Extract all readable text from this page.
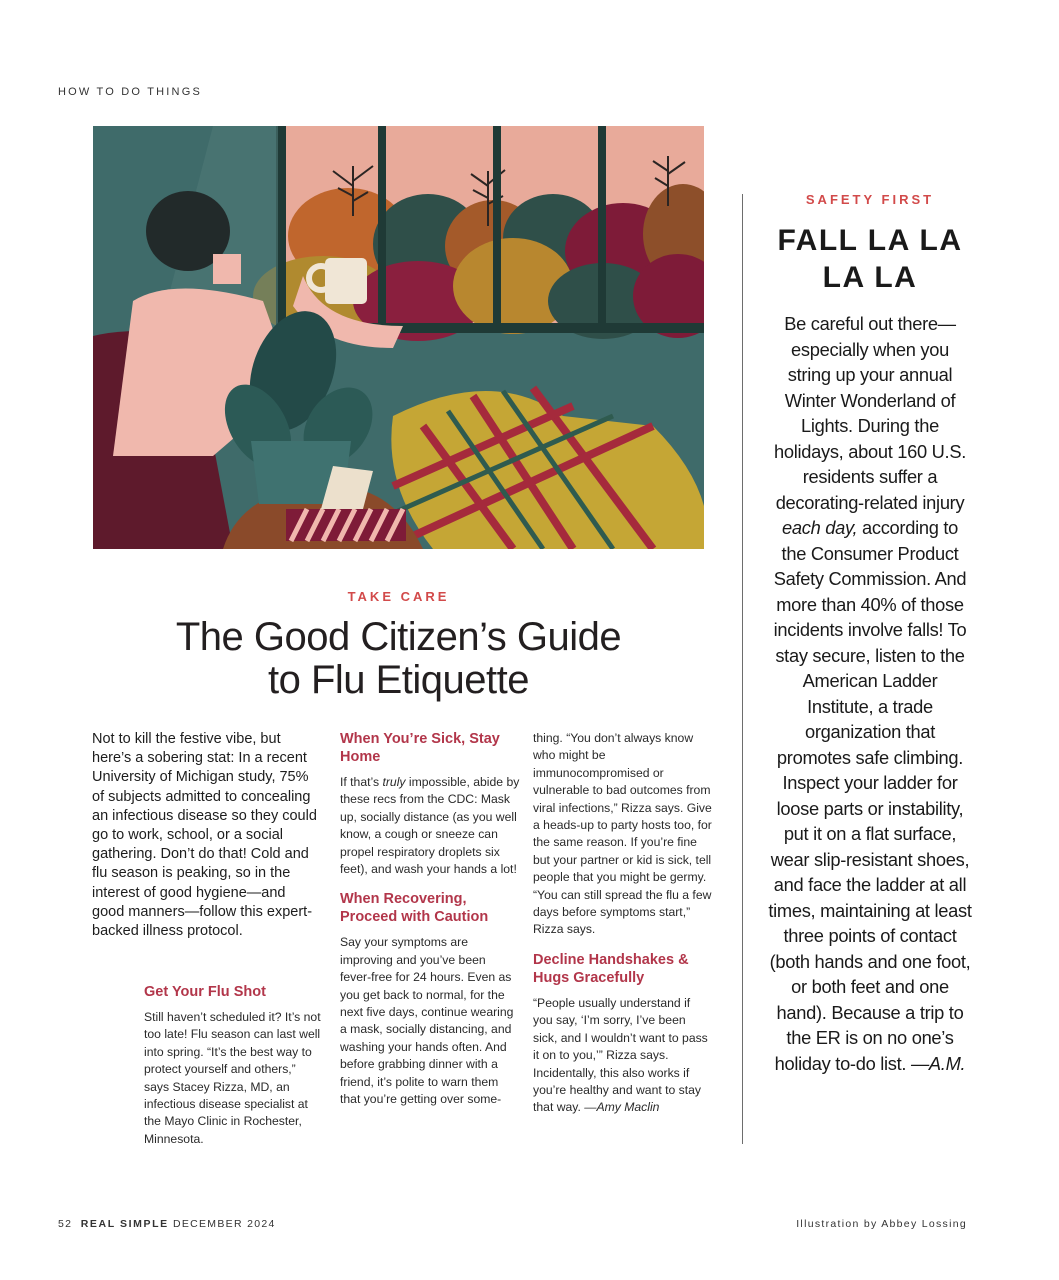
HOW TO DO THINGS
TAKE CARE
The Good Citizen’s Guide
to Flu Etiquette
Not to kill the festive vibe, but here’s a sobering stat: In a recent University of Michigan study, 75% of subjects admitted to concealing an infectious disease so they could go to work, school, or a social gathering. Don’t do that! Cold and flu season is peaking, so in the interest of good hygiene—and good manners—follow this expert-backed illness protocol.
Get Your Flu Shot

Still haven’t scheduled it? It’s not too late! Flu season can last well into spring. “It’s the best way to protect yourself and others,” says Stacey Rizza, MD, an infectious disease specialist at the Mayo Clinic in Rochester, Minnesota.

When You’re Sick, Stay Home

If that’s truly impossible, abide by these recs from the CDC: Mask up, socially distance (as you well know, a cough or sneeze can propel respiratory droplets six feet), and wash your hands a lot!

When Recovering, Proceed with Caution

Say your symptoms are improving and you’ve been fever-free for 24 hours. Even as you get back to normal, for the next five days, continue wearing a mask, socially distancing, and washing your hands often. And before grabbing dinner with a friend, it’s polite to warn them that you’re getting over some-

thing. “You don’t always know who might be immunocompromised or vulnerable to bad outcomes from viral infections,” Rizza says. Give a heads-up to party hosts too, for the same reason. If you’re fine but your partner or kid is sick, tell people that you might be germy. “You can still spread the flu a few days before symptoms start,” Rizza says.

Decline Handshakes & Hugs Gracefully

“People usually understand if you say, ‘I’m sorry, I’ve been sick, and I wouldn’t want to pass it on to you,’” Rizza says. Incidentally, this also works if you’re healthy and want to stay that way. —Amy Maclin

SAFETY FIRST
FALL LA LA
LA LA
Be careful out there—especially when you string up your annual Winter Wonderland of Lights. During the holidays, about 160 U.S. residents suffer a decorating-related injury each day, according to the Consumer Product Safety Commission. And more than 40% of those incidents involve falls! To stay secure, listen to the American Ladder Institute, a trade organization that promotes safe climbing. Inspect your ladder for loose parts or instability, put it on a flat surface, wear slip-resistant shoes, and face the ladder at all times, maintaining at least three points of contact (both hands and one foot, or both feet and one hand). Because a trip to the ER is on no one’s holiday to-do list. —A.M.
52 REAL SIMPLE DECEMBER 2024	Illustration by Abbey Lossing
